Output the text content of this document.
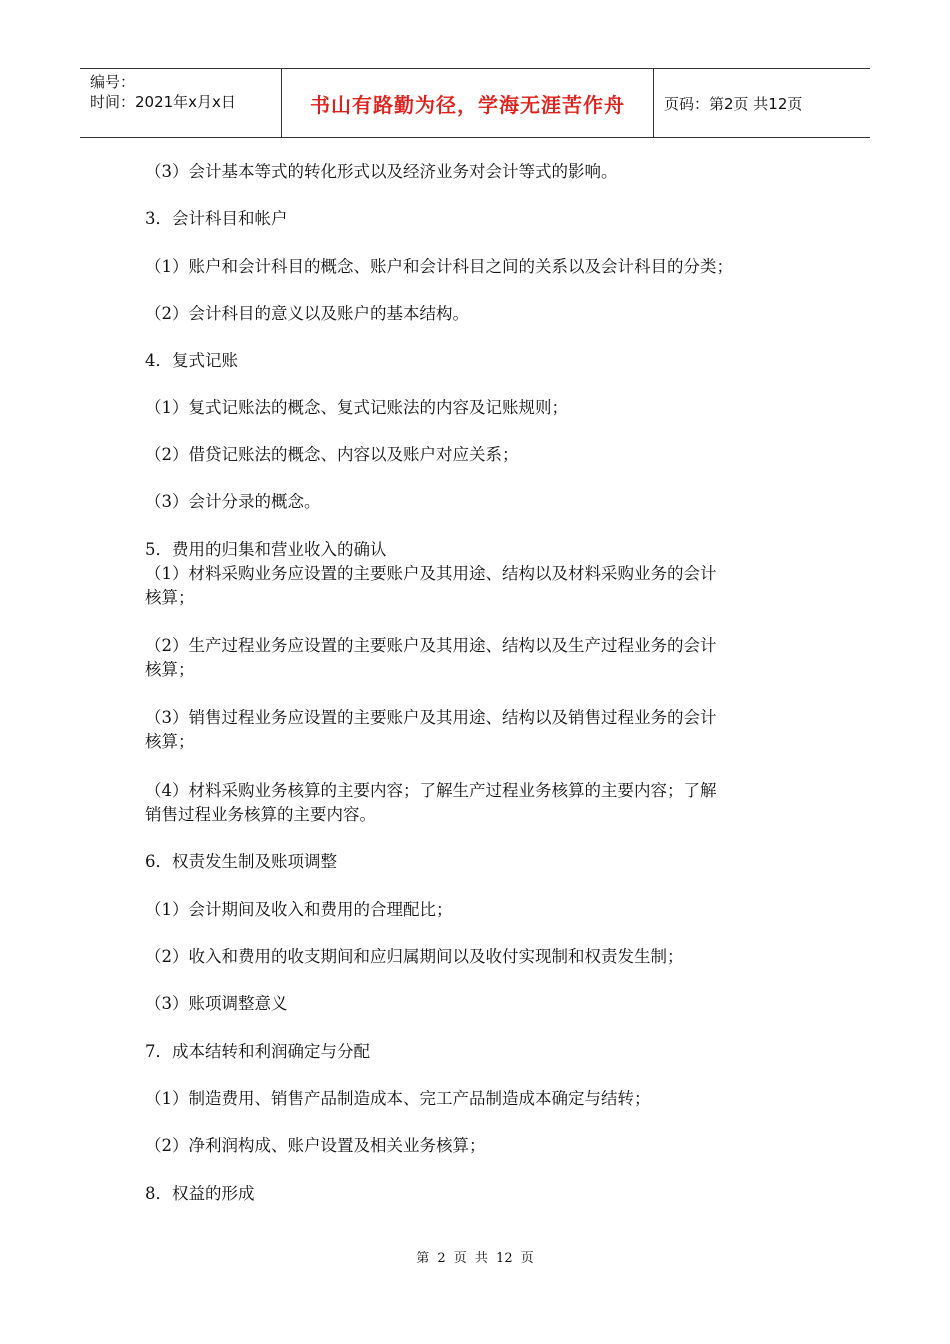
编号：
时间：2021年x月x日	书山有路勤为径，学海无涯苦作舟	页码：第2页 共12页
（3）会计基本等式的转化形式以及经济业务对会计等式的影响。
3．会计科目和帐户
（1）账户和会计科目的概念、账户和会计科目之间的关系以及会计科目的分类；
（2）会计科目的意义以及账户的基本结构。
4．复式记账
（1）复式记账法的概念、复式记账法的内容及记账规则；
（2）借贷记账法的概念、内容以及账户对应关系；
（3）会计分录的概念。
5．费用的归集和营业收入的确认
（1）材料采购业务应设置的主要账户及其用途、结构以及材料采购业务的会计
核算；
（2）生产过程业务应设置的主要账户及其用途、结构以及生产过程业务的会计
核算；
（3）销售过程业务应设置的主要账户及其用途、结构以及销售过程业务的会计
核算；
（4）材料采购业务核算的主要内容；了解生产过程业务核算的主要内容；了解
销售过程业务核算的主要内容。
6．权责发生制及账项调整
（1）会计期间及收入和费用的合理配比；
（2）收入和费用的收支期间和应归属期间以及收付实现制和权责发生制；
（3）账项调整意义
7．成本结转和利润确定与分配
（1）制造费用、销售产品制造成本、完工产品制造成本确定与结转；
（2）净利润构成、账户设置及相关业务核算；
8．权益的形成
第 2 页 共 12 页
